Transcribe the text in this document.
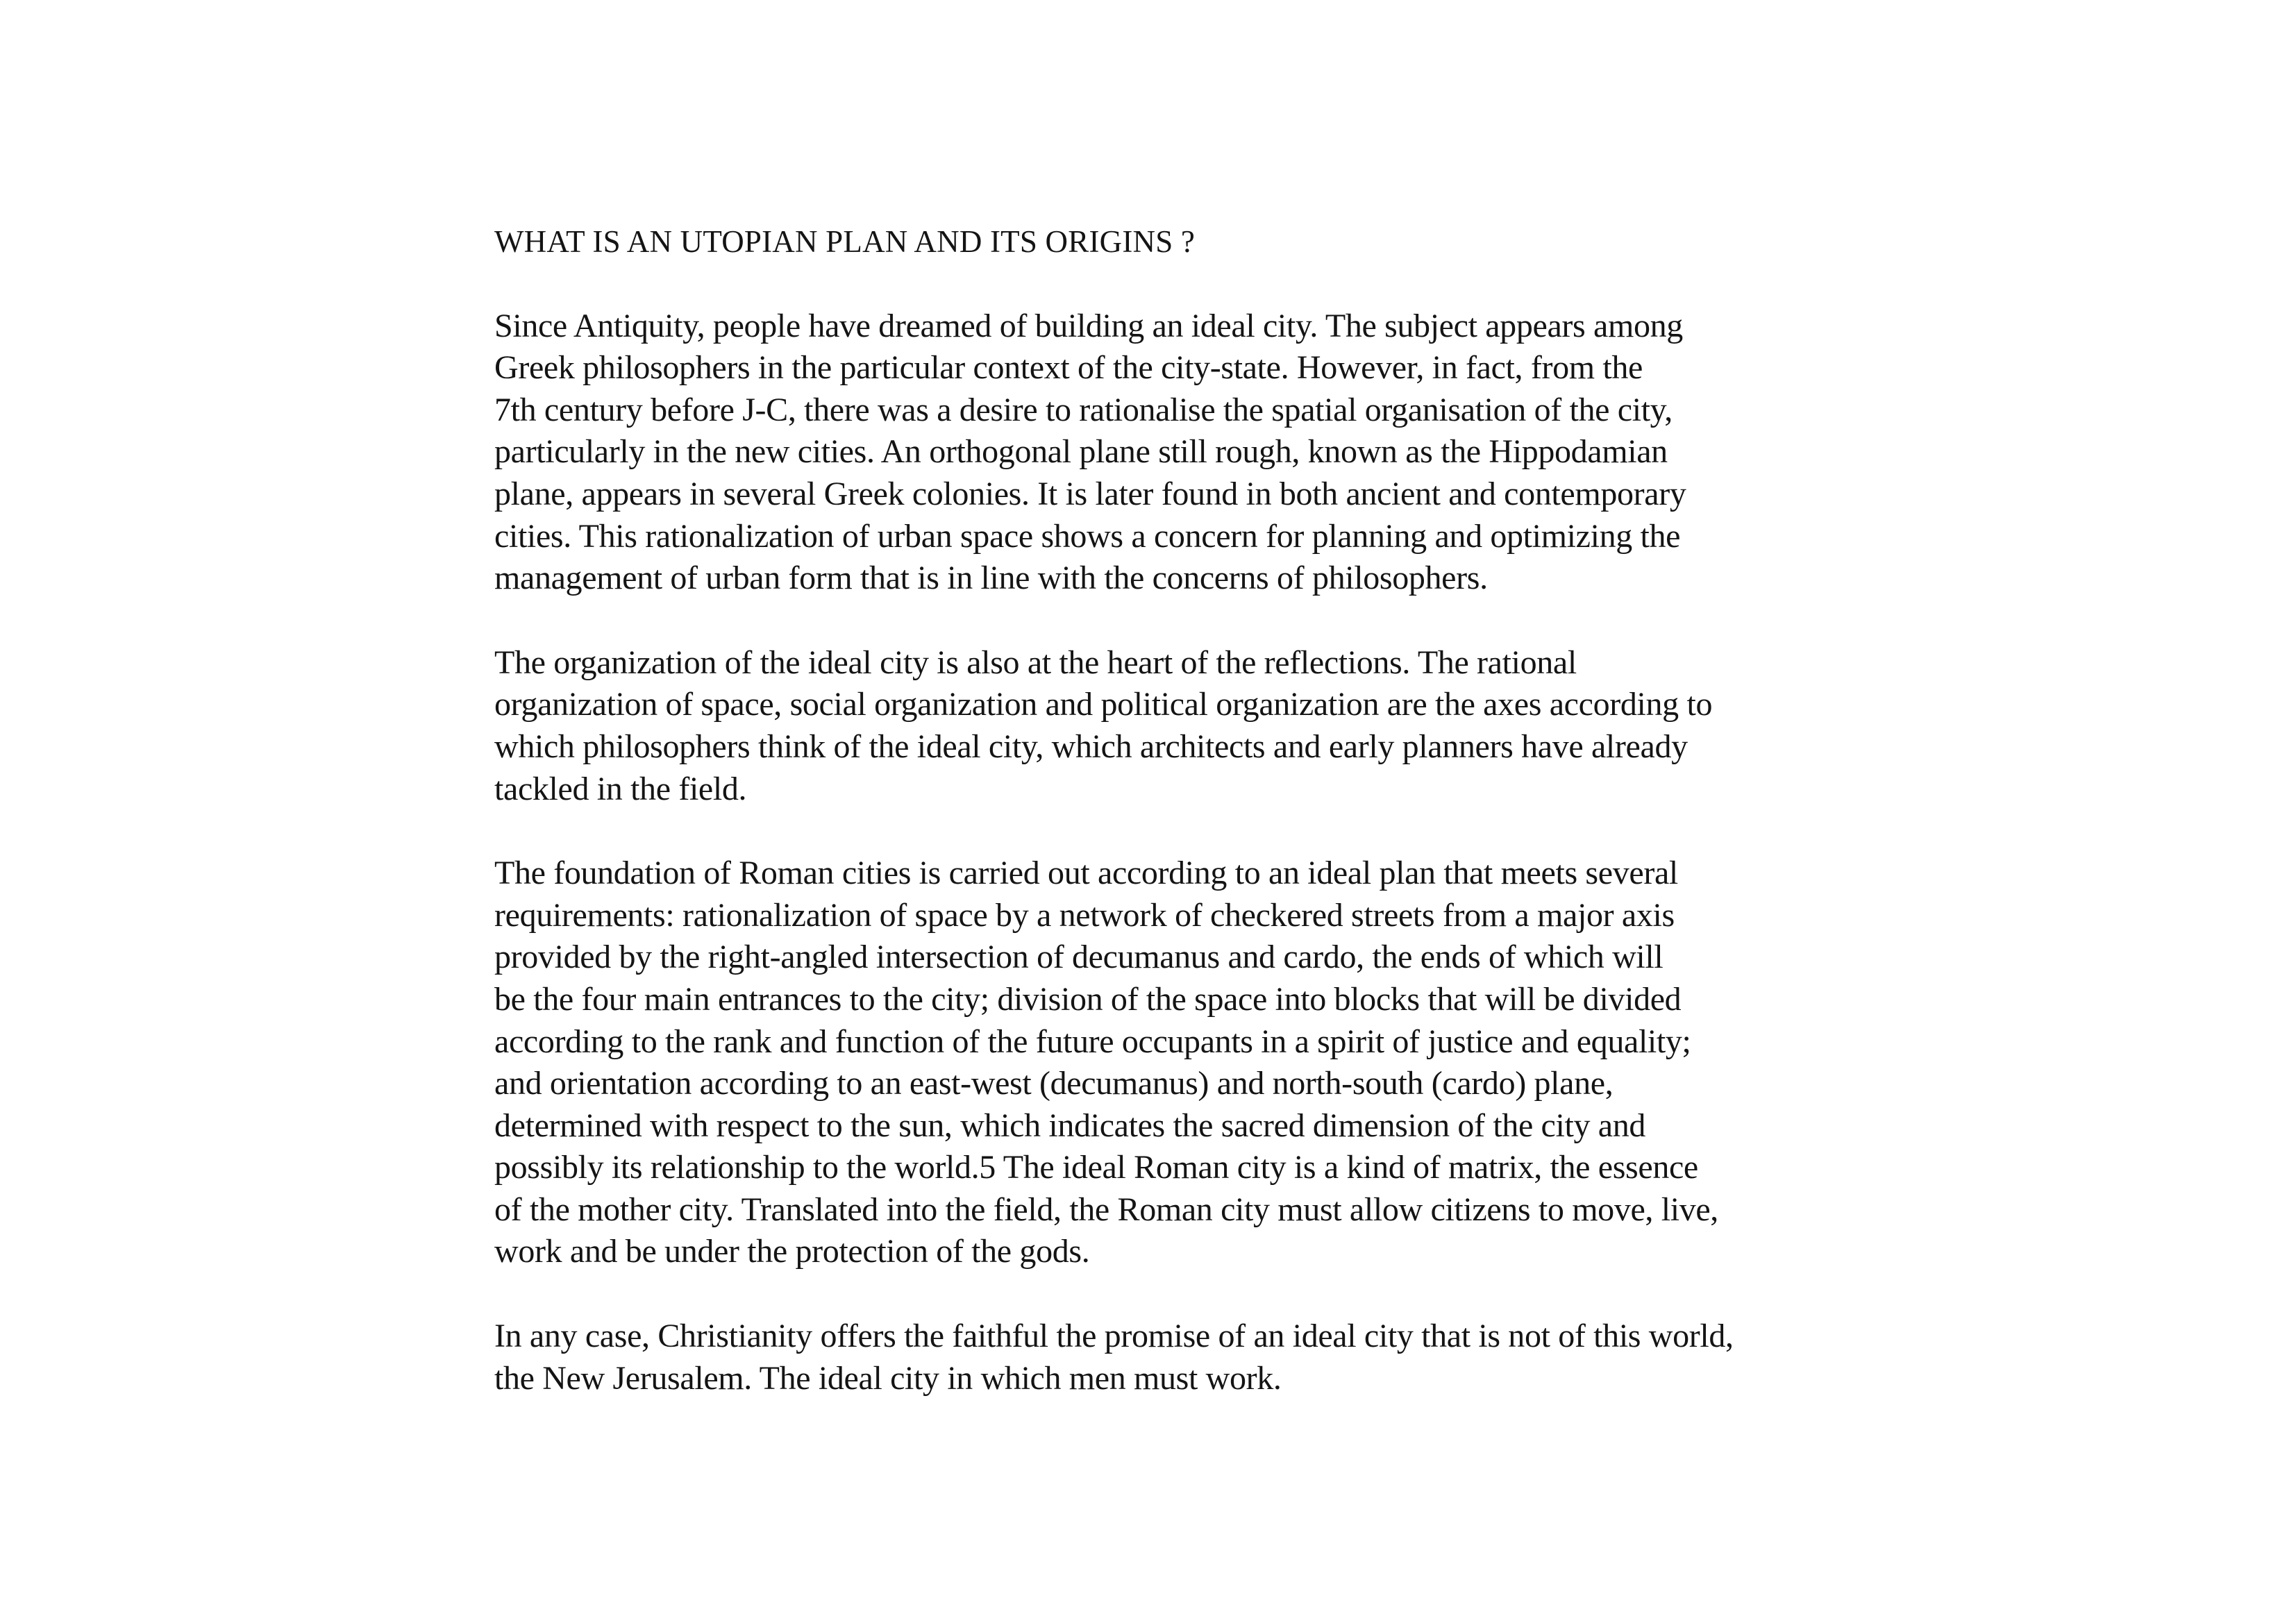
WHAT IS AN UTOPIAN PLAN AND ITS ORIGINS ?

Since Antiquity, people have dreamed of building an ideal city. The subject appears among
Greek philosophers in the particular context of the city-state. However, in fact, from the
7th century before J-C, there was a desire to rationalise the spatial organisation of the city,
particularly in the new cities. An orthogonal plane still rough, known as the Hippodamian
plane, appears in several Greek colonies. It is later found in both ancient and contemporary
cities. This rationalization of urban space shows a concern for planning and optimizing the
management of urban form that is in line with the concerns of philosophers.

The organization of the ideal city is also at the heart of the reflections. The rational
organization of space, social organization and political organization are the axes according to
which philosophers think of the ideal city, which architects and early planners have already
tackled in the field.

The foundation of Roman cities is carried out according to an ideal plan that meets several
requirements: rationalization of space by a network of checkered streets from a major axis
provided by the right-angled intersection of decumanus and cardo, the ends of which will
be the four main entrances to the city; division of the space into blocks that will be divided
according to the rank and function of the future occupants in a spirit of justice and equality;
and orientation according to an east-west (decumanus) and north-south (cardo) plane,
determined with respect to the sun, which indicates the sacred dimension of the city and
possibly its relationship to the world.5 The ideal Roman city is a kind of matrix, the essence
of the mother city. Translated into the field, the Roman city must allow citizens to move, live,
work and be under the protection of the gods.

In any case, Christianity offers the faithful the promise of an ideal city that is not of this world,
the New Jerusalem. The ideal city in which men must work.
